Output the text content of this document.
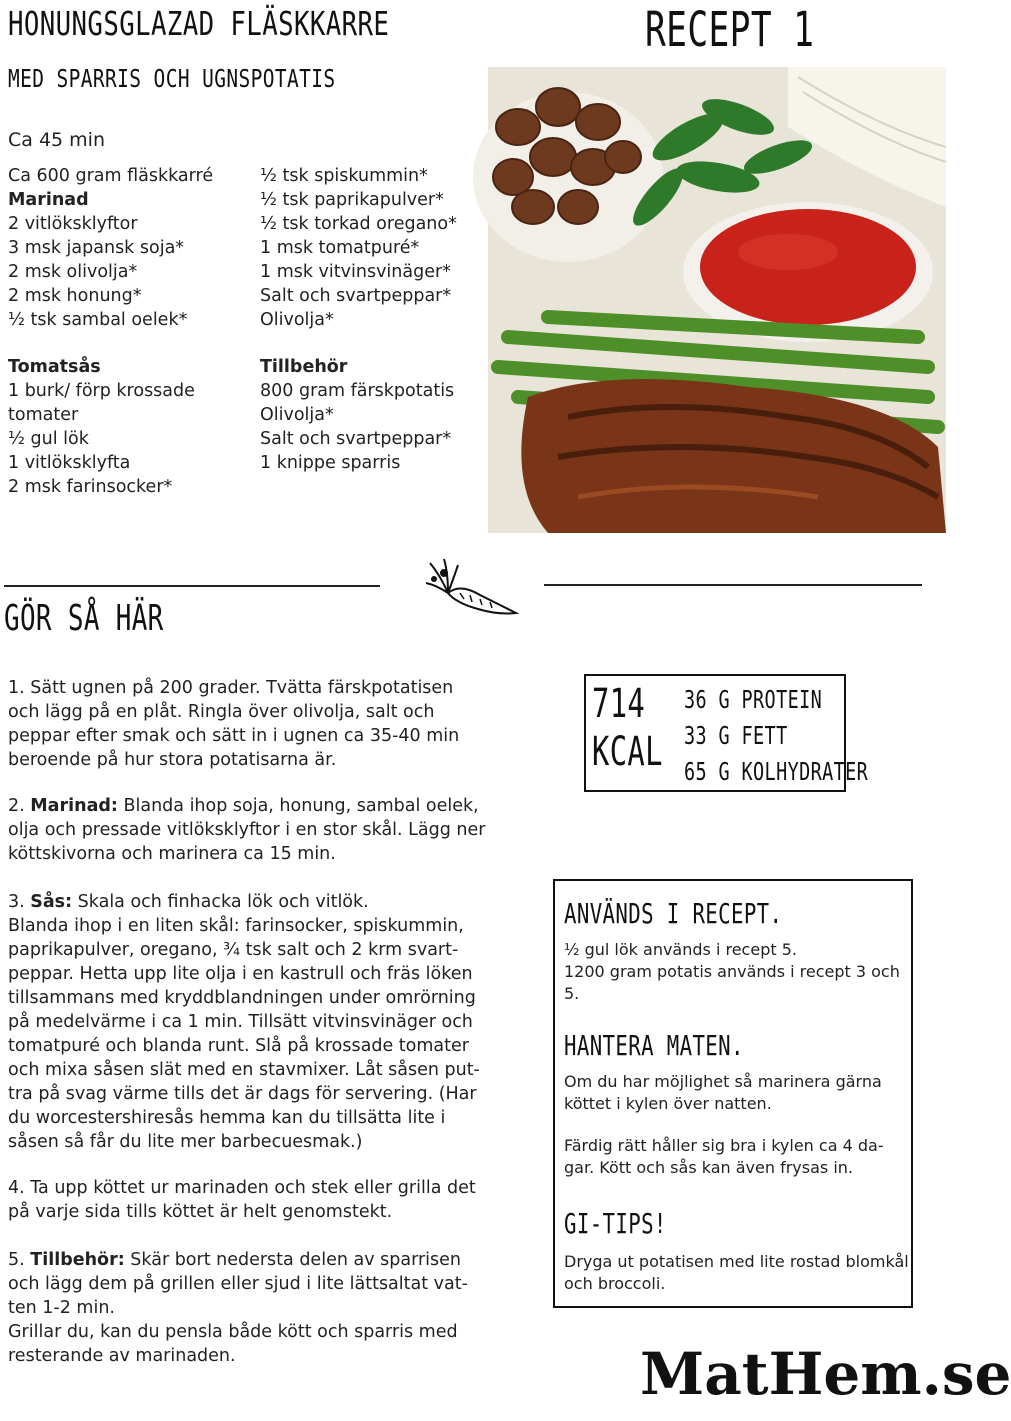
HONUNGSGLAZAD FLÄSKKARRE
MED SPARRIS OCH UGNSPOTATIS
RECEPT 1
Ca 45 min
Ca 600 gram fläskkarré
Marinad
2 vitlöksklyftor
3 msk japansk soja*
2 msk olivolja*
2 msk honung*
½ tsk sambal oelek*
½ tsk spiskummin*
½ tsk paprikapulver*
½ tsk torkad oregano*
1 msk tomatpuré*
1 msk vitvinsvinäger*
Salt och svartpeppar*
Olivolja*
Tomatsås
1 burk/ förp krossade
tomater
½ gul lök
1 vitlöksklyfta
2 msk farinsocker*
Tillbehör
800 gram färskpotatis
Olivolja*
Salt och svartpeppar*
1 knippe sparris
GÖR SÅ HÄR

1. Sätt ugnen på 200 grader. Tvätta färskpotatisen och lägg på en plåt. Ringla över olivolja, salt och peppar efter smak och sätt in i ugnen ca 35-40 min beroende på hur stora potatisarna är.

2. Marinad: Blanda ihop soja, honung, sambal oelek, olja och pressade vitlöksklyftor i en stor skål. Lägg ner köttskivorna och marinera ca 15 min.

3. Sås: Skala och finhacka lök och vitlök.

Blanda ihop i en liten skål: farinsocker, spiskummin, paprikapulver, oregano, ¾ tsk salt och 2 krm svart-peppar. Hetta upp lite olja i en kastrull och fräs löken tillsammans med kryddblandningen under omrörning på medelvärme i ca 1 min. Tillsätt vitvinsvinäger och tomatpuré och blanda runt. Slå på krossade tomater och mixa såsen slät med en stavmixer. Låt såsen put-tra på svag värme tills det är dags för servering. (Har du worcestershiresås hemma kan du tillsätta lite i såsen så får du lite mer barbecuesmak.)

4. Ta upp köttet ur marinaden och stek eller grilla det på varje sida tills köttet är helt genomstekt.

5. Tillbehör: Skär bort nedersta delen av sparrisen och lägg dem på grillen eller sjud i lite lättsaltat vat-ten 1-2 min.

Grillar du, kan du pensla både kött och sparris med resterande av marinaden.

714
KCAL
36 G PROTEIN
33 G FETT
65 G KOLHYDRATER
ANVÄNDS I RECEPT.
½ gul lök används i recept 5.
1200 gram potatis används i recept 3 och
5.
HANTERA MATEN.
Om du har möjlighet så marinera gärna
köttet i kylen över natten.
Färdig rätt håller sig bra i kylen ca 4 da-
gar. Kött och sås kan även frysas in.
GI-TIPS!
Dryga ut potatisen med lite rostad blomkål
och broccoli.
MatHem.se
